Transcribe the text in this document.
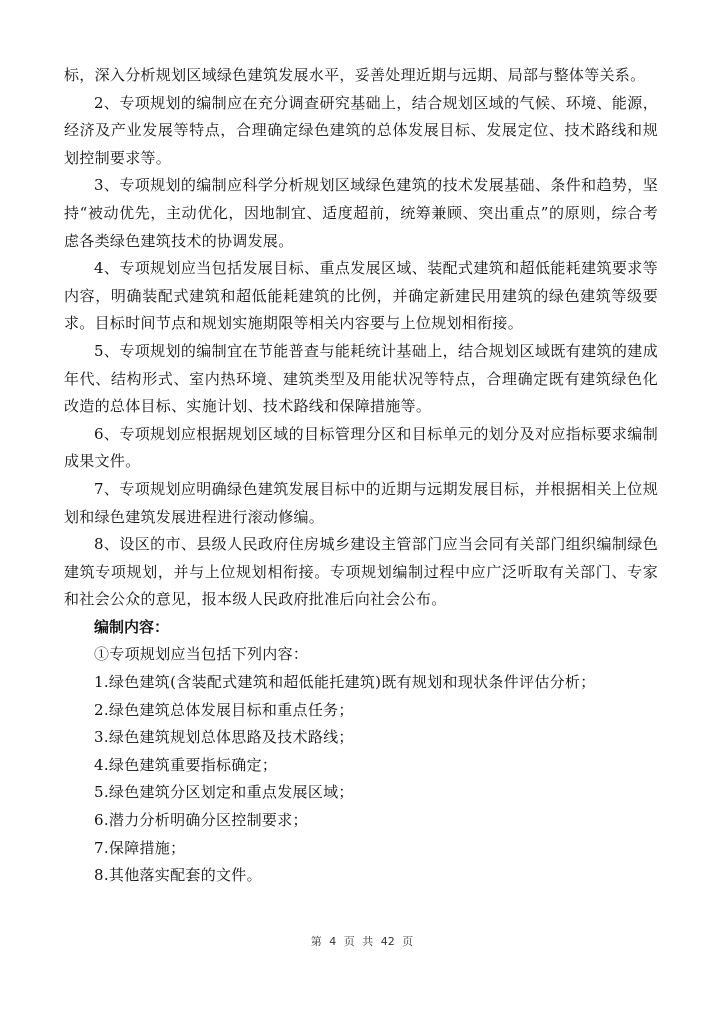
标，深入分析规划区域绿色建筑发展水平，妥善处理近期与远期、局部与整体等关系。

2、专项规划的编制应在充分调查研究基础上，结合规划区域的气候、环境、能源，经济及产业发展等特点，合理确定绿色建筑的总体发展目标、发展定位、技术路线和规划控制要求等。

3、专项规划的编制应科学分析规划区域绿色建筑的技术发展基础、条件和趋势，坚持“被动优先，主动优化，因地制宜、适度超前，统筹兼顾、突出重点”的原则，综合考虑各类绿色建筑技术的协调发展。

4、专项规划应当包括发展目标、重点发展区域、装配式建筑和超低能耗建筑要求等内容，明确装配式建筑和超低能耗建筑的比例，并确定新建民用建筑的绿色建筑等级要求。目标时间节点和规划实施期限等相关内容要与上位规划相衔接。

5、专项规划的编制宜在节能普查与能耗统计基础上，结合规划区域既有建筑的建成年代、结构形式、室内热环境、建筑类型及用能状况等特点，合理确定既有建筑绿色化改造的总体目标、实施计划、技术路线和保障措施等。

6、专项规划应根据规划区域的目标管理分区和目标单元的划分及对应指标要求编制成果文件。

7、专项规划应明确绿色建筑发展目标中的近期与远期发展目标，并根据相关上位规划和绿色建筑发展进程进行滚动修编。

8、设区的市、县级人民政府住房城乡建设主管部门应当会同有关部门组织编制绿色建筑专项规划，并与上位规划相衔接。专项规划编制过程中应广泛听取有关部门、专家和社会公众的意见，报本级人民政府批准后向社会公布。

编制内容：

①专项规划应当包括下列内容：

1.绿色建筑(含装配式建筑和超低能托建筑)既有规划和现状条件评估分析；

2.绿色建筑总体发展目标和重点任务；

3.绿色建筑规划总体思路及技术路线；

4.绿色建筑重要指标确定；

5.绿色建筑分区划定和重点发展区域；

6.潜力分析明确分区控制要求；

7.保障措施；

8.其他落实配套的文件。

第 4 页 共 42 页
